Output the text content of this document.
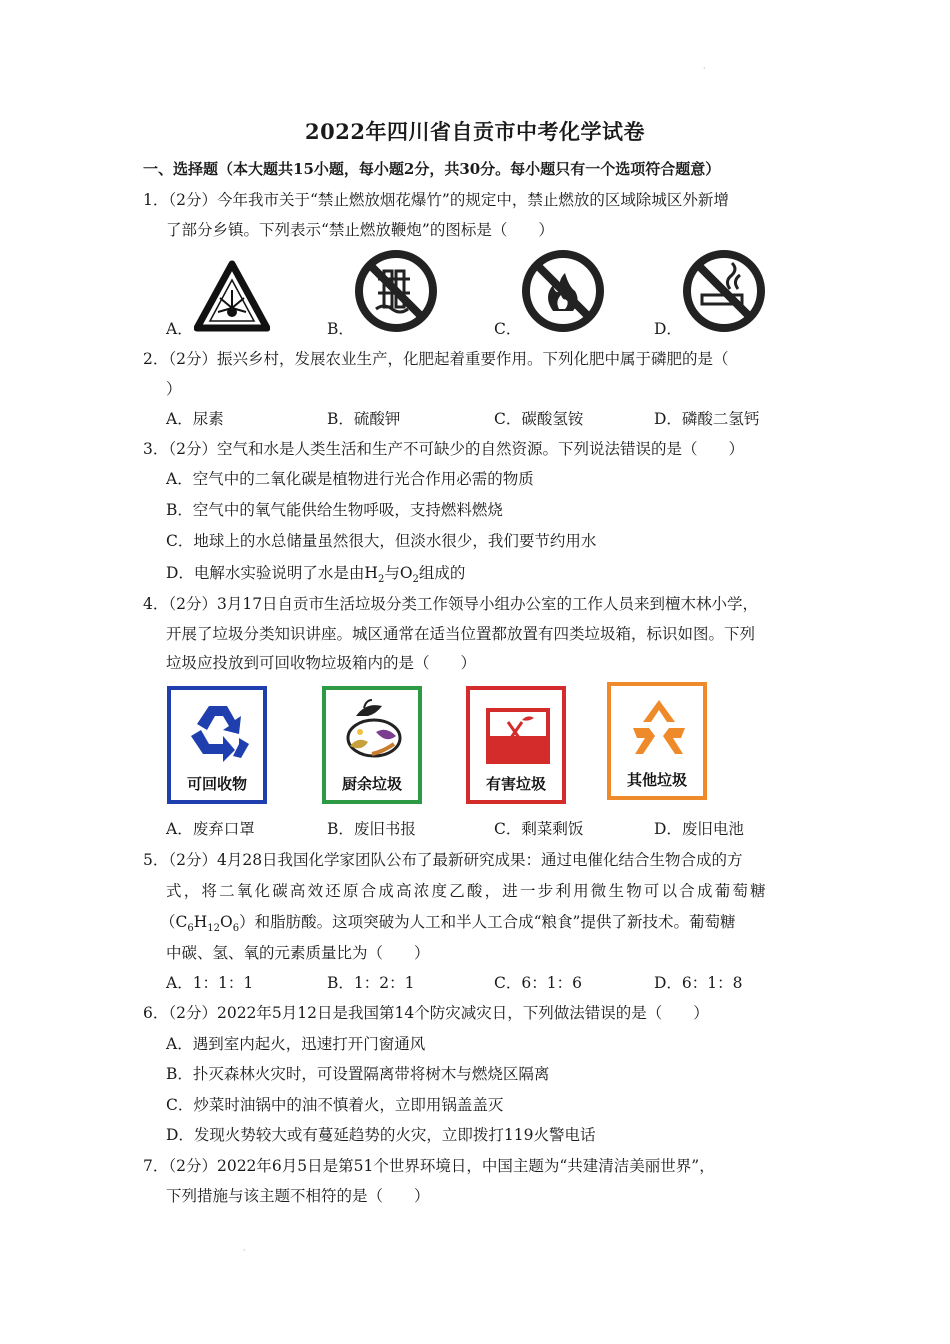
·
2022年四川省自贡市中考化学试卷
一、选择题（本大题共15小题，每小题2分，共30分。每小题只有一个选项符合题意）
1．（2分）今年我市关于“禁止燃放烟花爆竹”的规定中，禁止燃放的区域除城区外新增
了部分乡镇。下列表示“禁止燃放鞭炮”的图标是（　　）
A．	B．	C．	D．
2．（2分）振兴乡村，发展农业生产，化肥起着重要作用。下列化肥中属于磷肥的是（
）
A．尿素	B．硫酸钾	C．碳酸氢铵	D．磷酸二氢钙
3．（2分）空气和水是人类生活和生产不可缺少的自然资源。下列说法错误的是（　　）
A．空气中的二氧化碳是植物进行光合作用必需的物质
B．空气中的氧气能供给生物呼吸，支持燃料燃烧
C．地球上的水总储量虽然很大，但淡水很少，我们要节约用水
D．电解水实验说明了水是由$H_2$与$O_2$组成的
4．（2分）3月17日自贡市生活垃圾分类工作领导小组办公室的工作人员来到檀木林小学，
开展了垃圾分类知识讲座。城区通常在适当位置都放置有四类垃圾箱，标识如图。下列
垃圾应投放到可回收物垃圾箱内的是（　　）
可回收物	厨余垃圾	有害垃圾	其他垃圾
A．废弃口罩	B．废旧书报	C．剩菜剩饭	D．废旧电池
5．（2分）4月28日我国化学家团队公布了最新研究成果：通过电催化结合生物合成的方
式，将二氧化碳高效还原合成高浓度乙酸，进一步利用微生物可以合成葡萄糖
$(C_6H_{12}O_6)$和脂肪酸。这项突破为人工和半人工合成“粮食”提供了新技术。葡萄糖
中碳、氢、氧的元素质量比为（　　）
A．1：1：1	B．1：2：1	C．6：1：6	D．6：1：8
6．（2分）2022年5月12日是我国第14个防灾减灾日，下列做法错误的是（　　）
A．遇到室内起火，迅速打开门窗通风
B．扑灭森林火灾时，可设置隔离带将树木与燃烧区隔离
C．炒菜时油锅中的油不慎着火，立即用锅盖盖灭
D．发现火势较大或有蔓延趋势的火灾，立即拨打119火警电话
7．（2分）2022年6月5日是第51个世界环境日，中国主题为“共建清洁美丽世界”，
下列措施与该主题不相符的是（　　）
·
